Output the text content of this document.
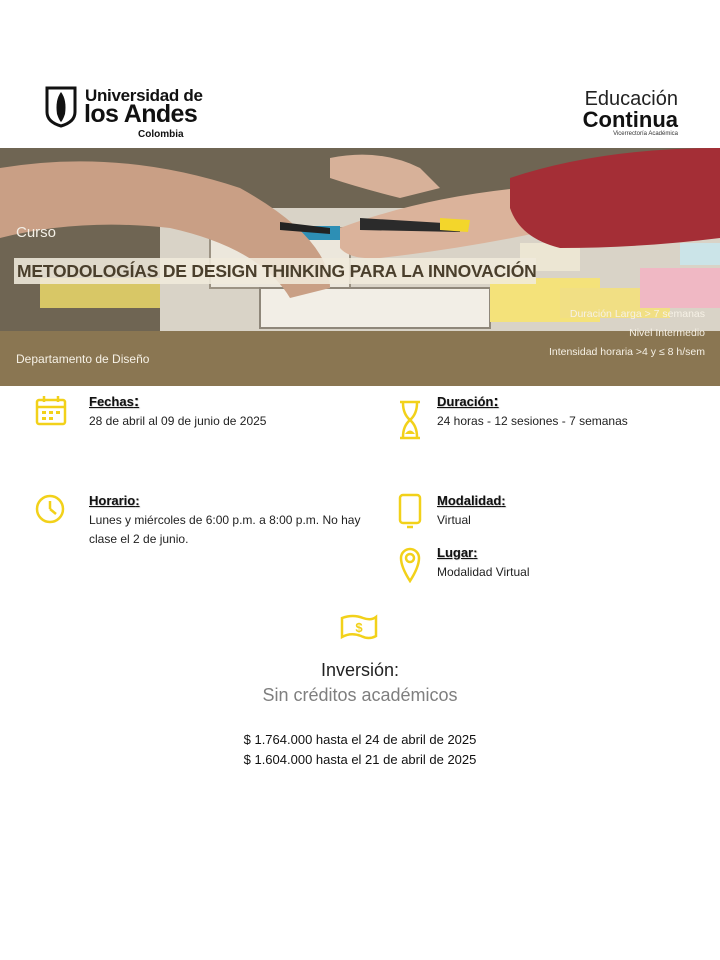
Universidad de
los Andes
Colombia
Educación
Continua
Vicerrectoría Académica
Curso
METODOLOGÍAS DE DESIGN THINKING PARA LA INNOVACIÓN
Departamento de Diseño
Duración Larga > 7 semanas
Nivel Intermedio
Intensidad horaria >4 y ≤ 8 h/sem
Fechas:
28 de abril al 09 de junio de 2025
Duración:
24 horas - 12 sesiones - 7 semanas
Horario:
Lunes y miércoles de 6:00 p.m. a 8:00 p.m. No hay clase el 2 de junio.
Modalidad:
Virtual
Lugar:
Modalidad Virtual
$
Inversión:
Sin créditos académicos
$ 1.764.000 hasta el 24 de abril de 2025
$ 1.604.000 hasta el 21 de abril de 2025
